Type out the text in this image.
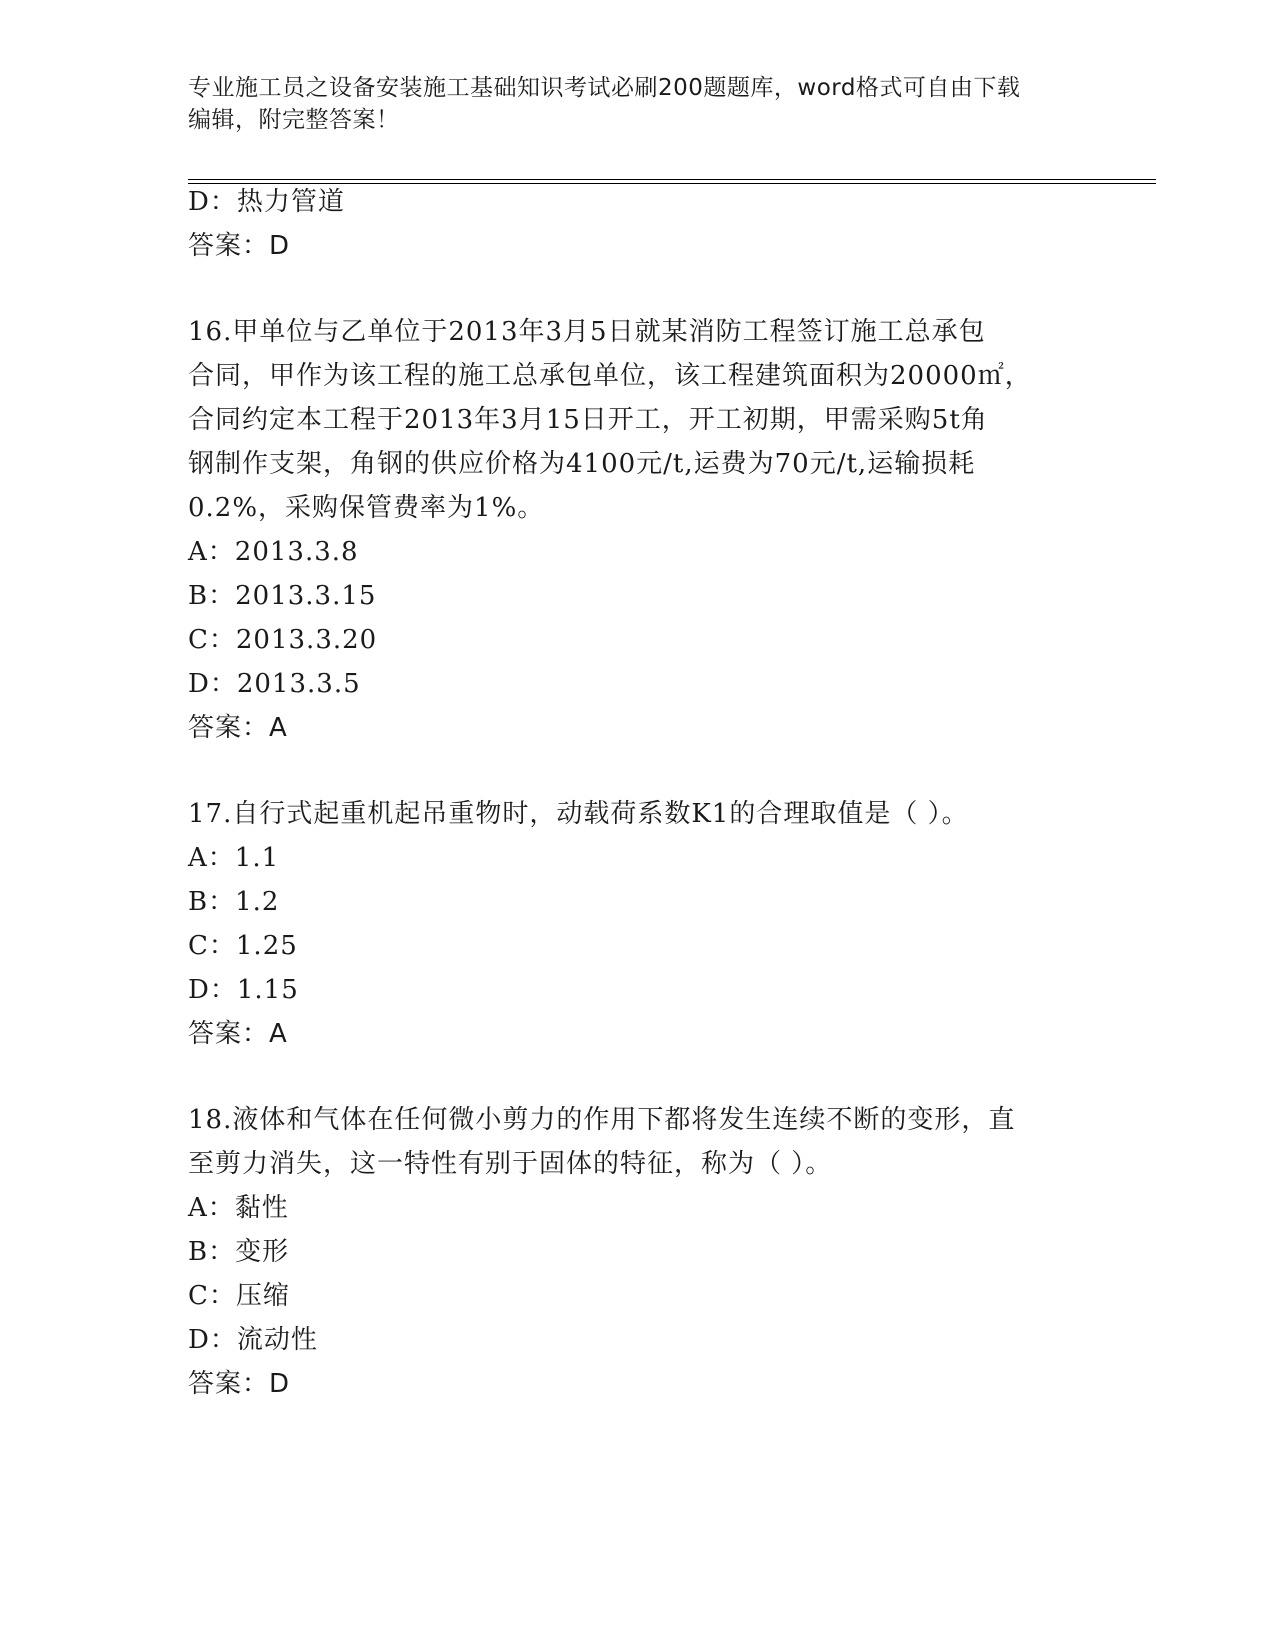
专业施工员之设备安装施工基础知识考试必刷200题题库，word格式可自由下载
编辑，附完整答案！
D：热力管道
答案：D
16.甲单位与乙单位于2013年3月5日就某消防工程签订施工总承包
合同，甲作为该工程的施工总承包单位，该工程建筑面积为20000㎡，
合同约定本工程于2013年3月15日开工，开工初期，甲需采购5t角
钢制作支架，角钢的供应价格为4100元/t,运费为70元/t,运输损耗
0.2%，采购保管费率为1%。
A：2013.3.8
B：2013.3.15
C：2013.3.20
D：2013.3.5
答案：A
17.自行式起重机起吊重物时，动载荷系数K1的合理取值是（ ）。
A：1.1
B：1.2
C：1.25
D：1.15
答案：A
18.液体和气体在任何微小剪力的作用下都将发生连续不断的变形，直
至剪力消失，这一特性有别于固体的特征，称为（ ）。
A：黏性
B：变形
C：压缩
D：流动性
答案：D
